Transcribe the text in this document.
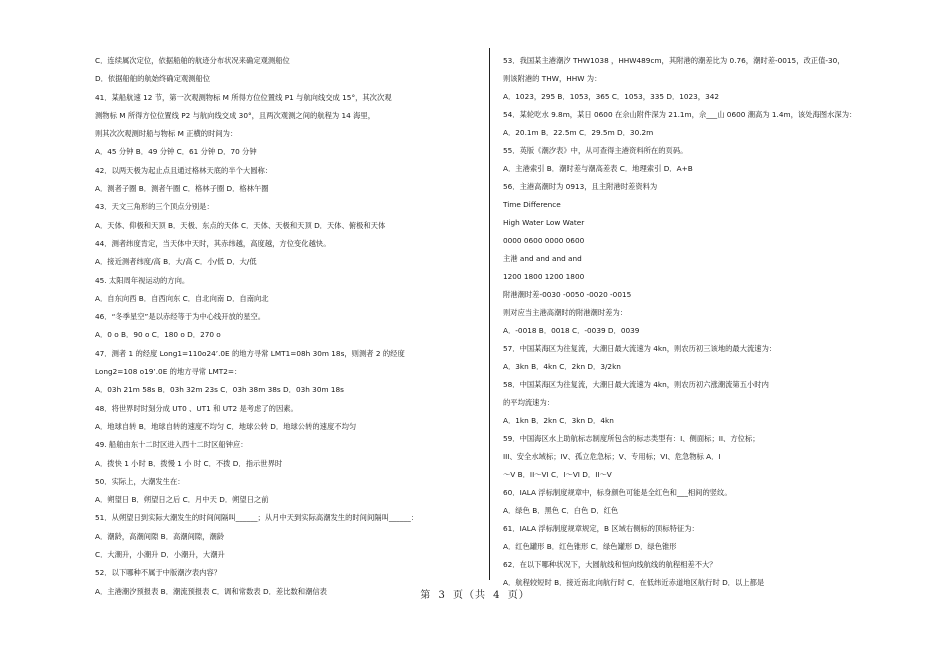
C．连续属次定位，依据船舶的航迹分布状况来确定观测船位
D．依据船舶的航始终确定观测船位
41．某船航速 12 节，第一次观测物标 M 所得方位位置线 P1 与航向线交成 15°，其次次观
测物标 M 所得方位位置线 P2 与航向线交成 30°，且两次观测之间的航程为 14 海里，
则其次次观测时船与物标 M 正横的时间为：
A．45 分钟 B．49 分钟 C．61 分钟 D．70 分钟
42．以两天极为起止点且通过格林天底的半个大圆称：
A．测者子圈 B．测者午圈 C．格林子圈 D．格林午圈
43．天文三角形的三个顶点分别是：
A．天体、仰极和天顶 B．天极、东点的天体 C．天体、天极和天顶 D．天体、俯极和天体
44．测者纬度肯定，当天体中天时，其赤纬越，高度越，方位变化越快。
A．接近测者纬度/高 B．大/高 C．小/低 D．大/低
45. 太阳周年视运动的方向。
A．自东向西 B．自西向东 C．自北向南 D．自南向北
46．“冬季星空”是以赤经等于为中心线开放的星空。
A．0 o B．90 o C．180 o D．270 o
47．测者 1 的经度 Long1=110o24’.0E 的地方寻常 LMT1=08h 30m 18s，则测者 2 的经度
Long2=108 o19’.0E 的地方寻常 LMT2=：
A．03h 21m 58s B．03h 32m 23s C．03h 38m 38s D．03h 30m 18s
48．将世界时时刻分成 UT0 、UT1 和 UT2 是考虑了的因素。
A．地球自转 B．地球自转的速度不均匀 C．地球公转 D．地球公转的速度不均匀
49. 船舶由东十二时区进入西十二时区船钟应：
A．拨快 1 小时 B．拨慢 1 小 时 C．不拨 D．指示世界时
50．实际上，大潮发生在：
A．朔望日 B．朔望日之后 C．月中天 D．朔望日之前
51．从朔望日到实际大潮发生的时间间隔叫______；从月中天到实际高潮发生的时间间隔叫______：
A．潮龄，高潮间隙 B．高潮间隙，潮龄
C．大潮升，小潮升 D．小潮升，大潮升
52．以下哪种不属于中版潮汐表内容？
A．主港潮汐预报表 B．潮流预报表 C．调和常数表 D．差比数和潮信表
53．我国某主港潮汐 THW1038 ，HHW489cm，其附港的潮差比为 0.76，潮时差-0015，改正值-30，
则该附港的 THW，HHW 为：
A．1023，295 B．1053，365 C．1053，335 D．1023，342
54．某轮吃水 9.8m，某日 0600 在佘山附件深为 21.1m，佘___山 0600 潮高为 1.4m，该处海图水深为：
A．20.1m B．22.5m C．29.5m D．30.2m
55．英版《潮汐表》中，从可查得主港资料所在的页码。
A．主港索引 B．潮时差与潮高差表 C．地理索引 D．A+B
56．主港高潮时为 0913，且主附港时差资料为
Time Difference
High Water Low Water
0000 0600 0000 0600
主港 and and and and
1200 1800 1200 1800
附港潮时差-0030 -0050 -0020 -0015
则对应当主港高潮时的附港潮时差为：
A．-0018 B．0018 C．-0039 D．0039
57．中国某海区为往复流，大潮日最大流速为 4kn，则农历初三该地的最大流速为：
A．3kn B．4kn C．2kn D．3/2kn
58．中国某海区为往复流，大潮日最大流速为 4kn，则农历初六涨潮流第五小时内
的平均流速为：
A．1kn B．2kn C．3kn D．4kn
59．中国海区水上助航标志制度所包含的标志类型有：I、侧面标；II、方位标；
III、安全水域标；IV、孤立危急标；V、专用标；VI、危急物标 A．I
～V B．II～VI C．I～VI D．II～V
60．IALA 浮标制度规章中，标身颜色可能是全红色和___相间的竖纹。
A．绿色 B．黑色 C．白色 D．红色
61．IALA 浮标制度规章规定，B 区域右侧标的顶标特征为：
A．红色罐形 B．红色锥形 C．绿色罐形 D．绿色锥形
62．在以下哪种状况下，大圆航线和恒向线航线的航程相差不大？
A．航程较短时 B．接近南北向航行时 C．在低纬近赤道地区航行时 D．以上都是
第 3 页（共 4 页）
